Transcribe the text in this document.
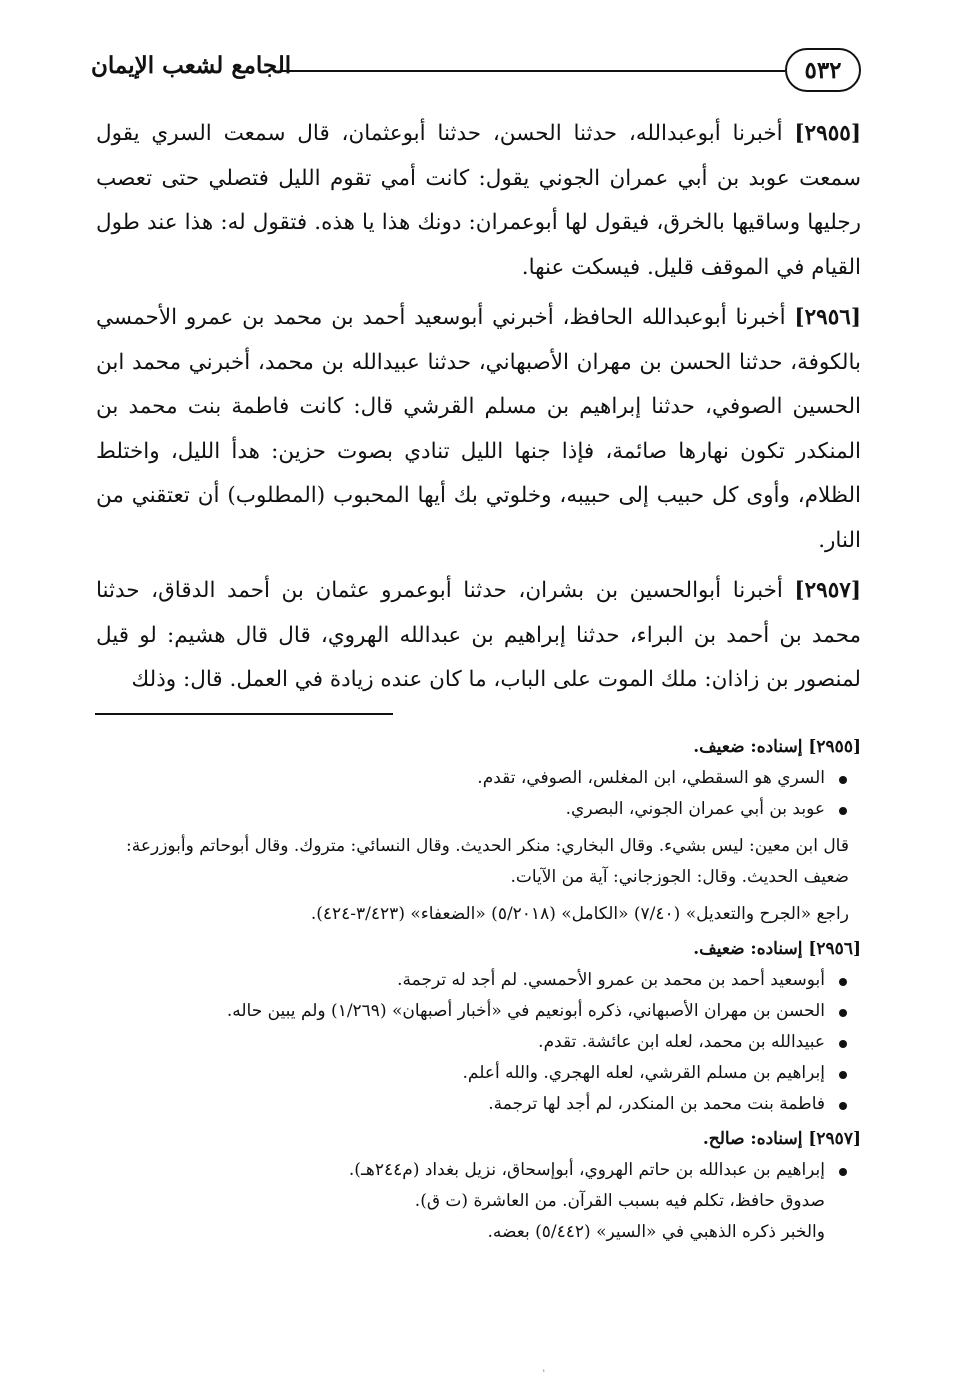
٥٣٢
الجامع لشعب الإيمان

[٢٩٥٥] أخبرنا أبوعبدالله، حدثنا الحسن، حدثنا أبوعثمان، قال سمعت السري يقول سمعت عوبد بن أبي عمران الجوني يقول: كانت أمي تقوم الليل فتصلي حتى تعصب رجليها وساقيها بالخرق، فيقول لها أبوعمران: دونك هذا يا هذه. فتقول له: هذا عند طول القيام في الموقف قليل. فيسكت عنها.

[٢٩٥٦] أخبرنا أبوعبدالله الحافظ، أخبرني أبوسعيد أحمد بن محمد بن عمرو الأحمسي بالكوفة، حدثنا الحسن بن مهران الأصبهاني، حدثنا عبيدالله بن محمد، أخبرني محمد ابن الحسين الصوفي، حدثنا إبراهيم بن مسلم القرشي قال: كانت فاطمة بنت محمد بن المنكدر تكون نهارها صائمة، فإذا جنها الليل تنادي بصوت حزين: هدأ الليل، واختلط الظلام، وأوى كل حبيب إلى حبيبه، وخلوتي بك أيها المحبوب (المطلوب) أن تعتقني من النار.

[٢٩٥٧] أخبرنا أبوالحسين بن بشران، حدثنا أبوعمرو عثمان بن أحمد الدقاق، حدثنا محمد بن أحمد بن البراء، حدثنا إبراهيم بن عبدالله الهروي، قال قال هشيم: لو قيل لمنصور بن زاذان: ملك الموت على الباب، ما كان عنده زيادة في العمل. قال: وذلك

[٢٩٥٥] إسناده: ضعيف.

السري هو السقطي، ابن المغلس، الصوفي، تقدم.
عوبد بن أبي عمران الجوني، البصري.

قال ابن معين: ليس بشيء. وقال البخاري: منكر الحديث. وقال النسائي: متروك. وقال أبوحاتم وأبوزرعة: ضعيف الحديث. وقال: الجوزجاني: آية من الآيات.

راجع «الجرح والتعديل» (٧/٤٠) «الكامل» (٥/٢٠١٨) «الضعفاء» (٣/٤٢٣-٤٢٤).

[٢٩٥٦] إسناده: ضعيف.

أبوسعيد أحمد بن محمد بن عمرو الأحمسي. لم أجد له ترجمة.
الحسن بن مهران الأصبهاني، ذكره أبونعيم في «أخبار أصبهان» (١/٢٦٩) ولم يبين حاله.
عبيدالله بن محمد، لعله ابن عائشة. تقدم.
إبراهيم بن مسلم القرشي، لعله الهجري. والله أعلم.
فاطمة بنت محمد بن المنكدر، لم أجد لها ترجمة.

[٢٩٥٧] إسناده: صالح.

إبراهيم بن عبدالله بن حاتم الهروي، أبوإسحاق، نزيل بغداد (م٢٤٤هـ).

صدوق حافظ، تكلم فيه بسبب القرآن. من العاشرة (ت ق).

والخبر ذكره الذهبي في «السير» (٥/٤٤٢) بعضه.
